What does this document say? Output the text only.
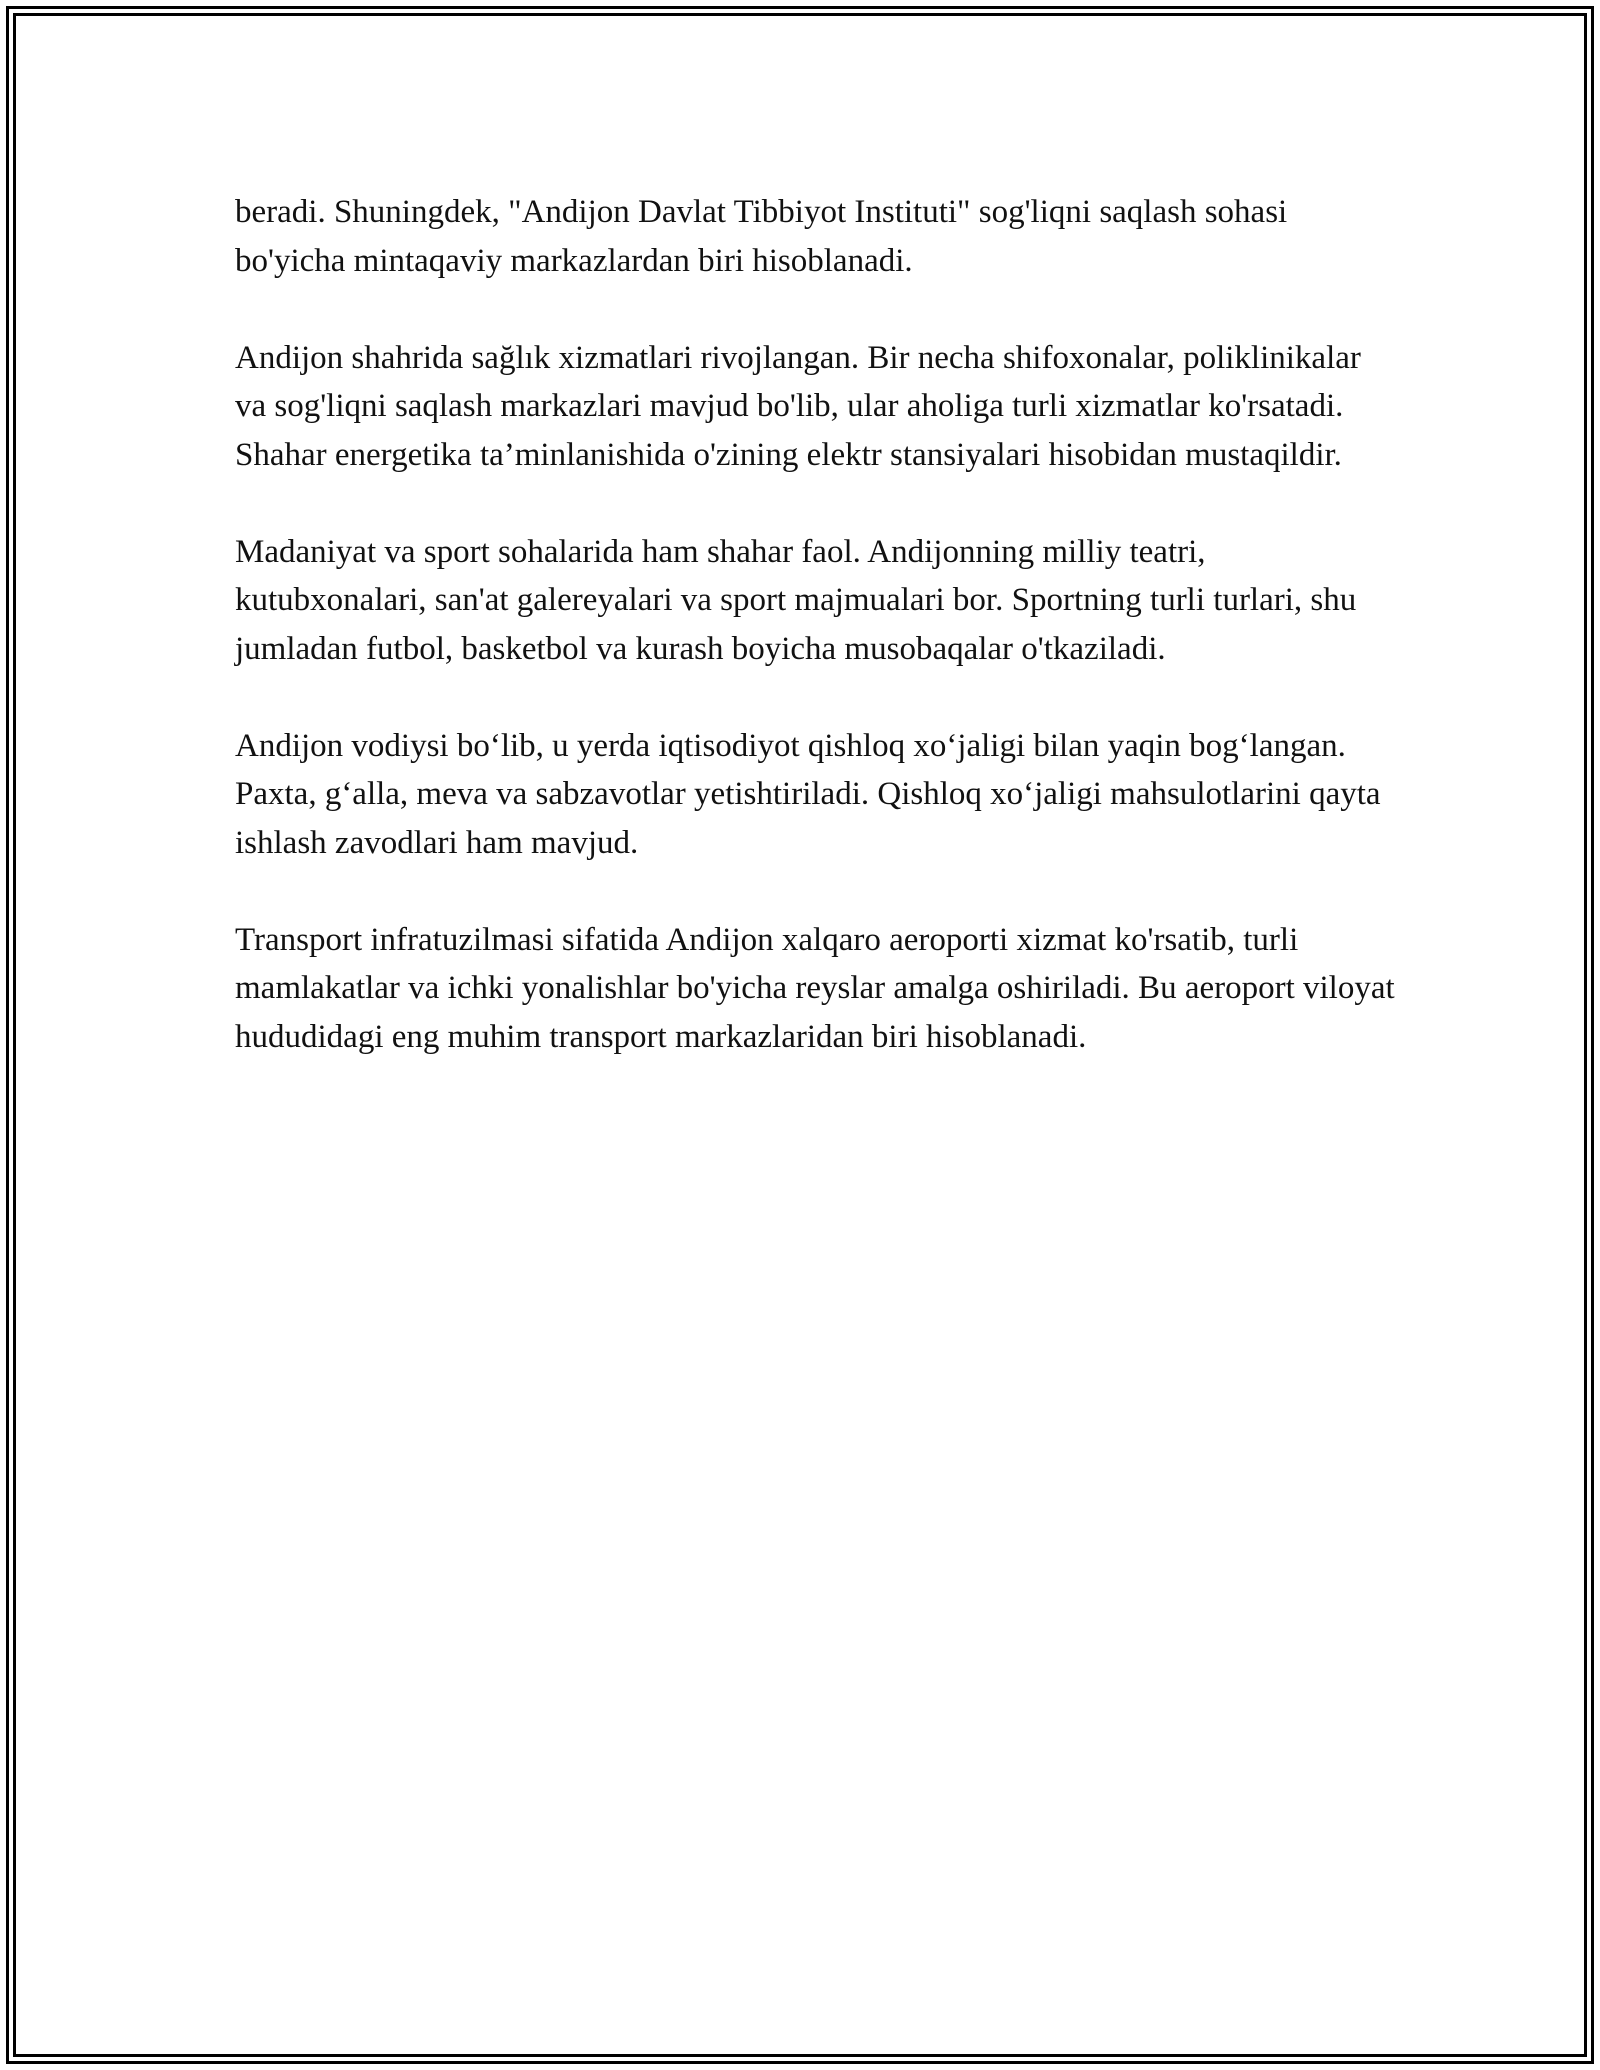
beradi. Shuningdek, "Andijon Davlat Tibbiyot Instituti" sog'liqni saqlash sohasi bo'yicha mintaqaviy markazlardan biri hisoblanadi.

Andijon shahrida sağlık xizmatlari rivojlangan. Bir necha shifoxonalar, poliklinikalar va sog'liqni saqlash markazlari mavjud bo'lib, ular aholiga turli xizmatlar ko'rsatadi. Shahar energetika ta’minlanishida o'zining elektr stansiyalari hisobidan mustaqildir.

Madaniyat va sport sohalarida ham shahar faol. Andijonning milliy teatri, kutubxonalari, san'at galereyalari va sport majmualari bor. Sportning turli turlari, shu jumladan futbol, basketbol va kurash boyicha musobaqalar o'tkaziladi.

Andijon vodiysi bo‘lib, u yerda iqtisodiyot qishloq xo‘jaligi bilan yaqin bog‘langan. Paxta, g‘alla, meva va sabzavotlar yetishtiriladi. Qishloq xo‘jaligi mahsulotlarini qayta ishlash zavodlari ham mavjud.

Transport infratuzilmasi sifatida Andijon xalqaro aeroporti xizmat ko'rsatib, turli mamlakatlar va ichki yonalishlar bo'yicha reyslar amalga oshiriladi. Bu aeroport viloyat hududidagi eng muhim transport markazlaridan biri hisoblanadi.
